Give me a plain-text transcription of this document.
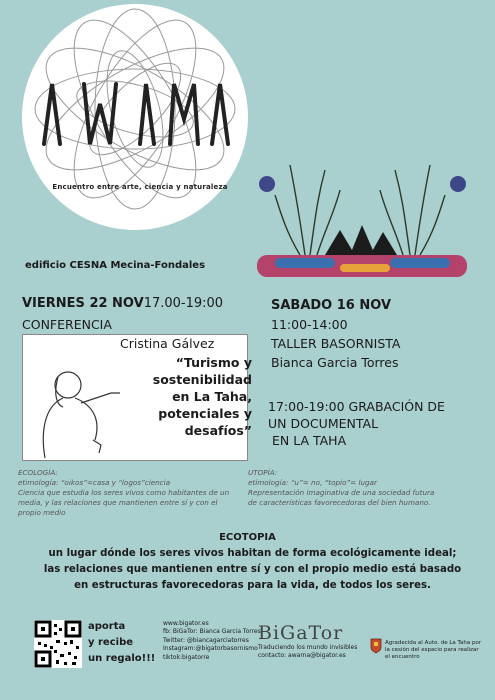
Encuentro entre arte, ciencia y naturaleza
edificio CESNA Mecina-Fondales
VIERNES 22 NOV17.00-19:00
CONFERENCIA
Cristina Gálvez
“Turismo y
sostenibilidad
en La Taha,
potenciales y
desafíos”
SABADO 16 NOV
11:00-14:00
TALLER BASORNISTA
Bianca Garcia Torres
17:00-19:00 GRABACIÓN DE
UN DOCUMENTAL
EN LA TAHA
ECOLOGÍA:
etimología: “oikos”=casa y “logos”ciencia
Ciencia que estudia los seres vivos como habitantes de un
media, y las relaciones que mantienen entre sí y con el
propio medio
UTOPÍA:
etimología: “u”= no, “topio”= lugar
Representación imaginativa de una sociedad futura
de características favorecedoras del bien humano.
ECOTOPIA
un lugar dónde los seres vivos habitan de forma ecológicamente ideal;
las relaciones que mantienen entre sí y con el propio medio está basado
en estructuras favorecedoras para la vida, de todos los seres.
aporta
y recibe
un regalo!!!
www.bigator.es
fb: BiGaTor: Bianca Garcia Torres
Twitter: @biancagarciatorres
Instagram:@bigatorbasornismo
tiktok:bigatorre
BiGaTor
Traduciendo los mundo invisibles
contacto: awarna@bigator.es
Agradecida al Auto. de La Taha por la cesión del espacio para realizar el encuentro
